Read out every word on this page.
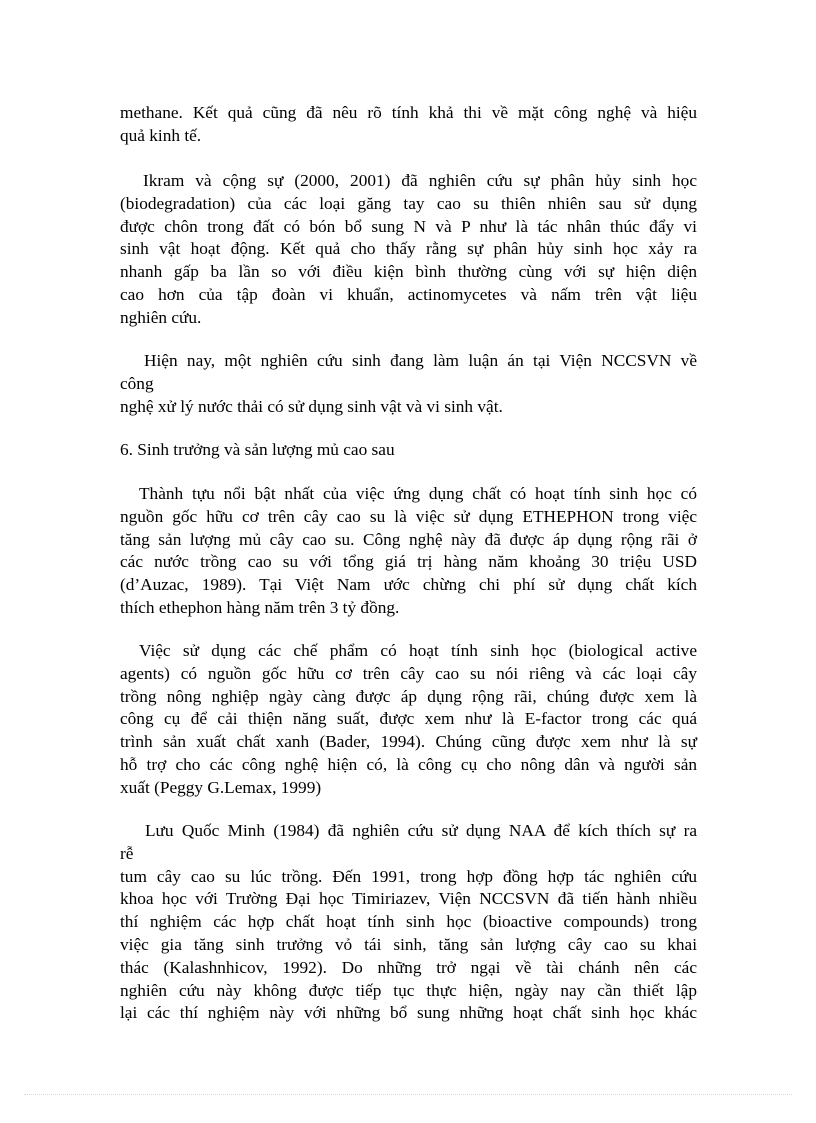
methane. Kết quả cũng đã nêu rõ tính khả thi về mặt công nghệ và hiệu
quả kinh tế.
Ikram và cộng sự (2000, 2001) đã nghiên cứu sự phân hủy sinh học
(biodegradation) của các loại găng tay cao su thiên nhiên sau sử dụng
được chôn trong đất có bón bổ sung N và P như là tác nhân thúc đẩy vi
sinh vật hoạt động. Kết quả cho thấy rằng sự phân hủy sinh học xảy ra
nhanh gấp ba lần so với điều kiện bình thường cùng với sự hiện diện
cao hơn của tập đoàn vi khuẩn, actinomycetes và nấm trên vật liệu
nghiên cứu.
Hiện nay, một nghiên cứu sinh đang làm luận án tại Viện NCCSVN về
công
nghệ xử lý nước thải có sử dụng sinh vật và vi sinh vật.
6. Sinh trưởng và sản lượng mủ cao sau
Thành tựu nổi bật nhất của việc ứng dụng chất có hoạt tính sinh học có
nguồn gốc hữu cơ trên cây cao su là việc sử dụng ETHEPHON trong việc
tăng sản lượng mủ cây cao su. Công nghệ này đã được áp dụng rộng rãi ở
các nước trồng cao su với tổng giá trị hàng năm khoảng 30 triệu USD
(d’Auzac, 1989). Tại Việt Nam ước chừng chi phí sử dụng chất kích
thích ethephon hàng năm trên 3 tỷ đồng.
Việc sử dụng các chế phẩm có hoạt tính sinh học (biological active
agents) có nguồn gốc hữu cơ trên cây cao su nói riêng và các loại cây
trồng nông nghiệp ngày càng được áp dụng rộng rãi, chúng được xem là
công cụ để cải thiện năng suất, được xem như là E-factor trong các quá
trình sản xuất chất xanh (Bader, 1994). Chúng cũng được xem như là sự
hỗ trợ cho các công nghệ hiện có, là công cụ cho nông dân và người sản
xuất (Peggy G.Lemax, 1999)
Lưu Quốc Minh (1984) đã nghiên cứu sử dụng NAA để kích thích sự ra
rễ
tum cây cao su lúc trồng. Đến 1991, trong hợp đồng hợp tác nghiên cứu
khoa học với Trường Đại học Timiriazev, Viện NCCSVN đã tiến hành nhiều
thí nghiệm các hợp chất hoạt tính sinh học (bioactive compounds) trong
việc gia tăng sinh trưởng vỏ tái sinh, tăng sản lượng cây cao su khai
thác (Kalashnhicov, 1992). Do những trở ngại về tài chánh nên các
nghiên cứu này không được tiếp tục thực hiện, ngày nay cần thiết lập
lại các thí nghiệm này với những bổ sung những hoạt chất sinh học khác
